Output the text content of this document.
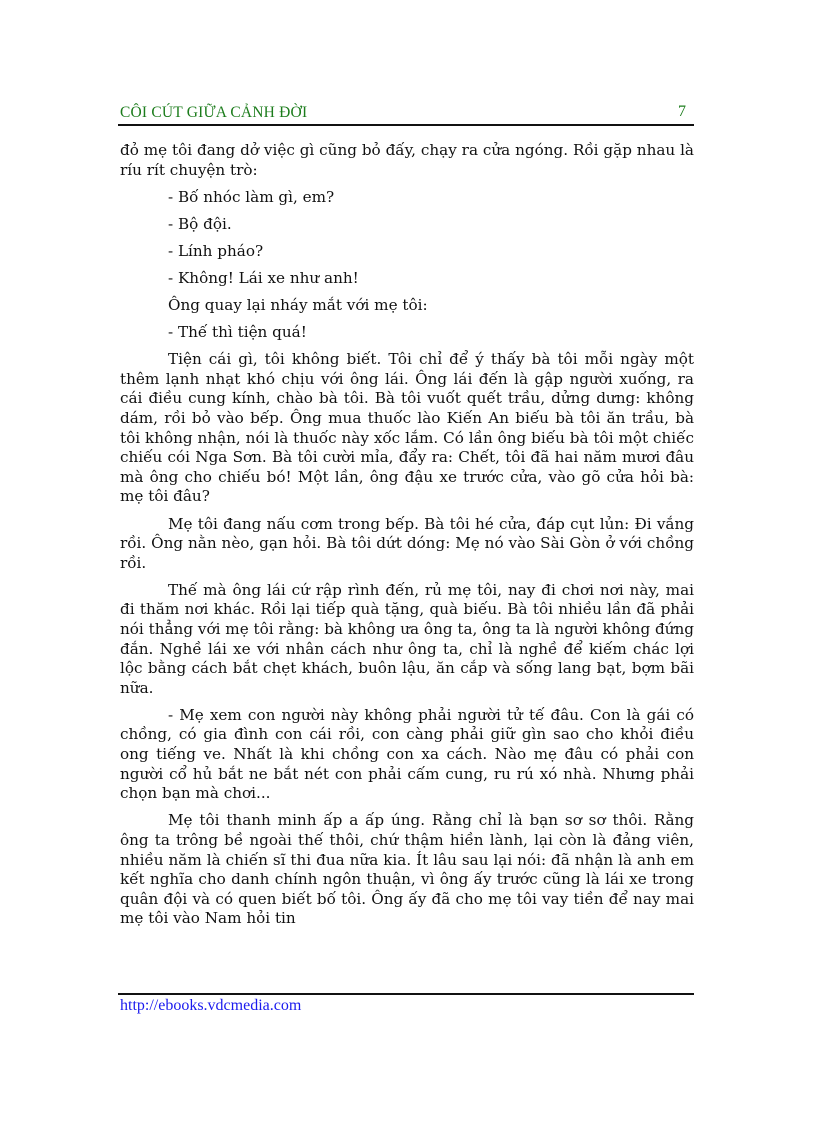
CÔI CÚT GIỮA CẢNH ĐỜI	7

đỏ mẹ tôi đang dở việc gì cũng bỏ đấy, chạy ra cửa ngóng. Rồi gặp nhau là ríu rít chuyện trò:

- Bố nhóc làm gì, em?

- Bộ đội.

- Lính pháo?

- Không! Lái xe như anh!

Ông quay lại nháy mắt với mẹ tôi:

- Thế thì tiện quá!

Tiện cái gì, tôi không biết. Tôi chỉ để ý thấy bà tôi mỗi ngày một thêm lạnh nhạt khó chịu với ông lái. Ông lái đến là gập người xuống, ra cái điều cung kính, chào bà tôi. Bà tôi vuốt quết trầu, dửng dưng: không dám, rồi bỏ vào bếp. Ông mua thuốc lào Kiến An biếu bà tôi ăn trầu, bà tôi không nhận, nói là thuốc này xốc lắm. Có lần ông biếu bà tôi một chiếc chiếu cói Nga Sơn. Bà tôi cười mỉa, đẩy ra: Chết, tôi đã hai năm mươi đâu mà ông cho chiếu bó! Một lần, ông đậu xe trước cửa, vào gõ cửa hỏi bà: mẹ tôi đâu?

Mẹ tôi đang nấu cơm trong bếp. Bà tôi hé cửa, đáp cụt lủn: Đi vắng rồi. Ông nằn nèo, gạn hỏi. Bà tôi dứt dóng: Mẹ nó vào Sài Gòn ở với chồng rồi.

Thế mà ông lái cứ rập rình đến, rủ mẹ tôi, nay đi chơi nơi này, mai đi thăm nơi khác. Rồi lại tiếp quà tặng, quà biếu. Bà tôi nhiều lần đã phải nói thẳng với mẹ tôi rằng: bà không ưa ông ta, ông ta là người không đứng đắn. Nghề lái xe với nhân cách như ông ta, chỉ là nghề để kiếm chác lợi lộc bằng cách bắt chẹt khách, buôn lậu, ăn cắp và sống lang bạt, bợm bãi nữa.

- Mẹ xem con người này không phải người tử tế đâu. Con là gái có chồng, có gia đình con cái rồi, con càng phải giữ gìn sao cho khỏi điều ong tiếng ve. Nhất là khi chồng con xa cách. Nào mẹ đâu có phải con người cổ hủ bắt ne bắt nét con phải cấm cung, ru rú xó nhà. Nhưng phải chọn bạn mà chơi...

Mẹ tôi thanh minh ấp a ấp úng. Rằng chỉ là bạn sơ sơ thôi. Rằng ông ta trông bề ngoài thế thôi, chứ thậm hiền lành, lại còn là đảng viên, nhiều năm là chiến sĩ thi đua nữa kia. Ít lâu sau lại nói: đã nhận là anh em kết nghĩa cho danh chính ngôn thuận, vì ông ấy trước cũng là lái xe trong quân đội và có quen biết bố tôi. Ông ấy đã cho mẹ tôi vay tiền để nay mai mẹ tôi vào Nam hỏi tin

http://ebooks.vdcmedia.com
